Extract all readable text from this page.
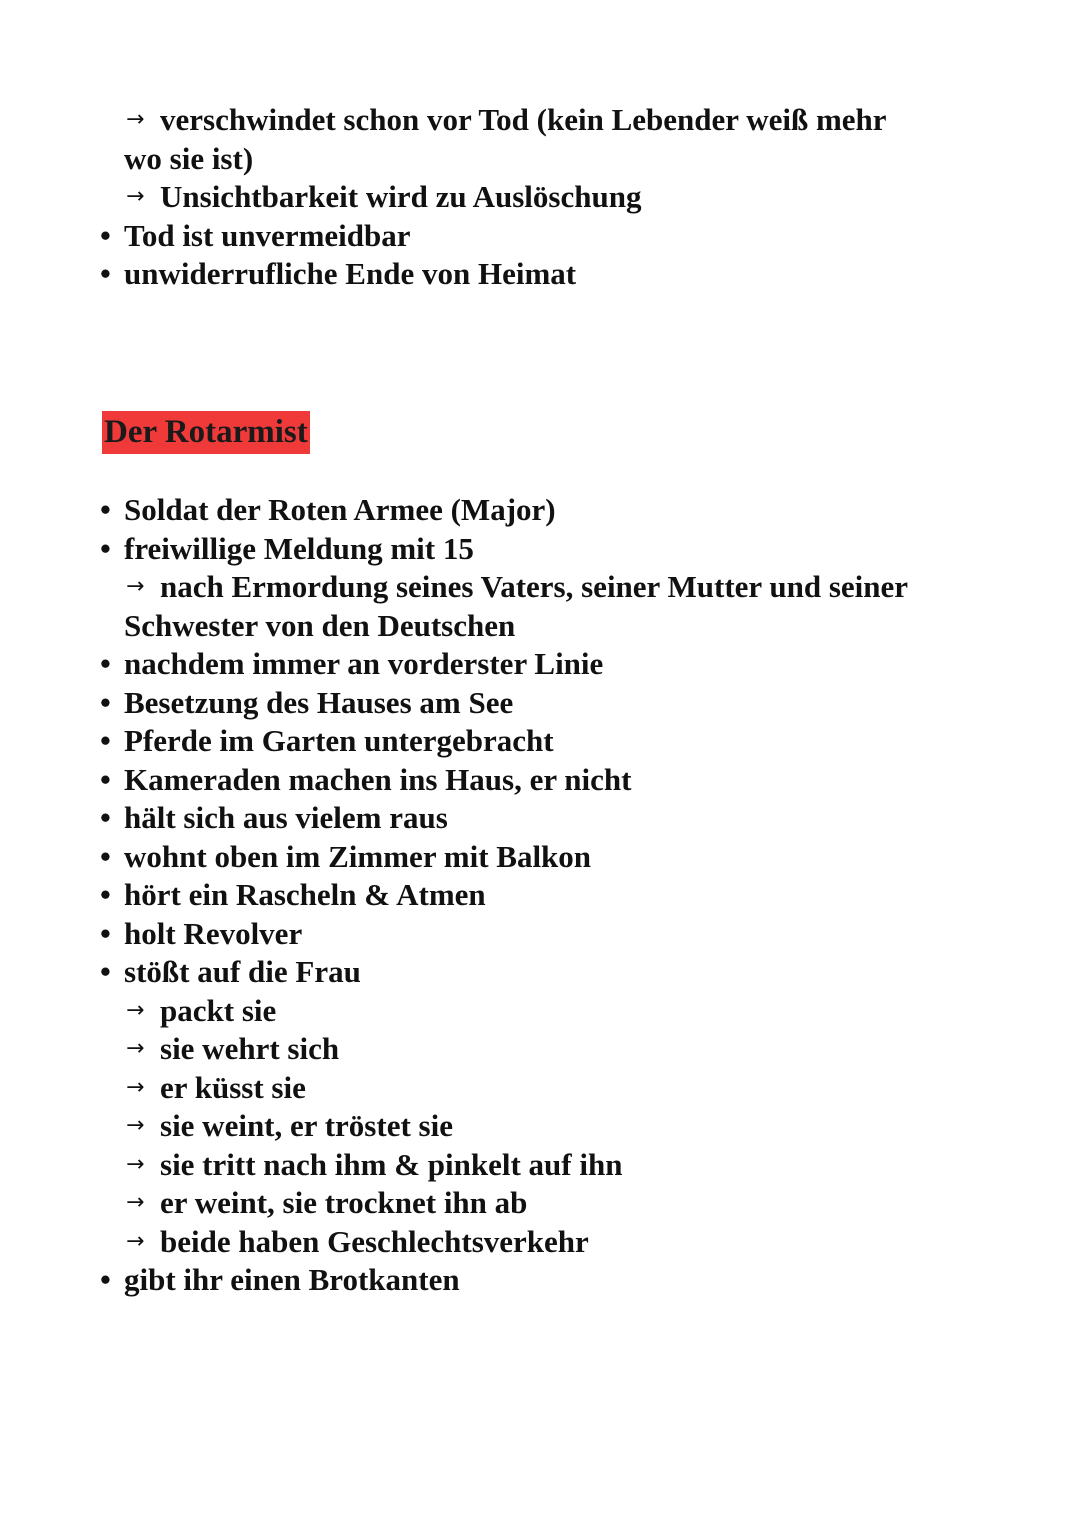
→ verschwindet schon vor Tod (kein Lebender weiß mehr
wo sie ist)
→ Unsichtbarkeit wird zu Auslöschung
• Tod ist unvermeidbar
• unwiderrufliche Ende von Heimat
Der Rotarmist
• Soldat der Roten Armee (Major)
• freiwillige Meldung mit 15
→ nach Ermordung seines Vaters, seiner Mutter und seiner
Schwester von den Deutschen
• nachdem immer an vorderster Linie
• Besetzung des Hauses am See
• Pferde im Garten untergebracht
• Kameraden machen ins Haus, er nicht
• hält sich aus vielem raus
• wohnt oben im Zimmer mit Balkon
• hört ein Rascheln & Atmen
• holt Revolver
• stößt auf die Frau
→ packt sie
→ sie wehrt sich
→ er küsst sie
→ sie weint, er tröstet sie
→ sie tritt nach ihm & pinkelt auf ihn
→ er weint, sie trocknet ihn ab
→ beide haben Geschlechtsverkehr
• gibt ihr einen Brotkanten
